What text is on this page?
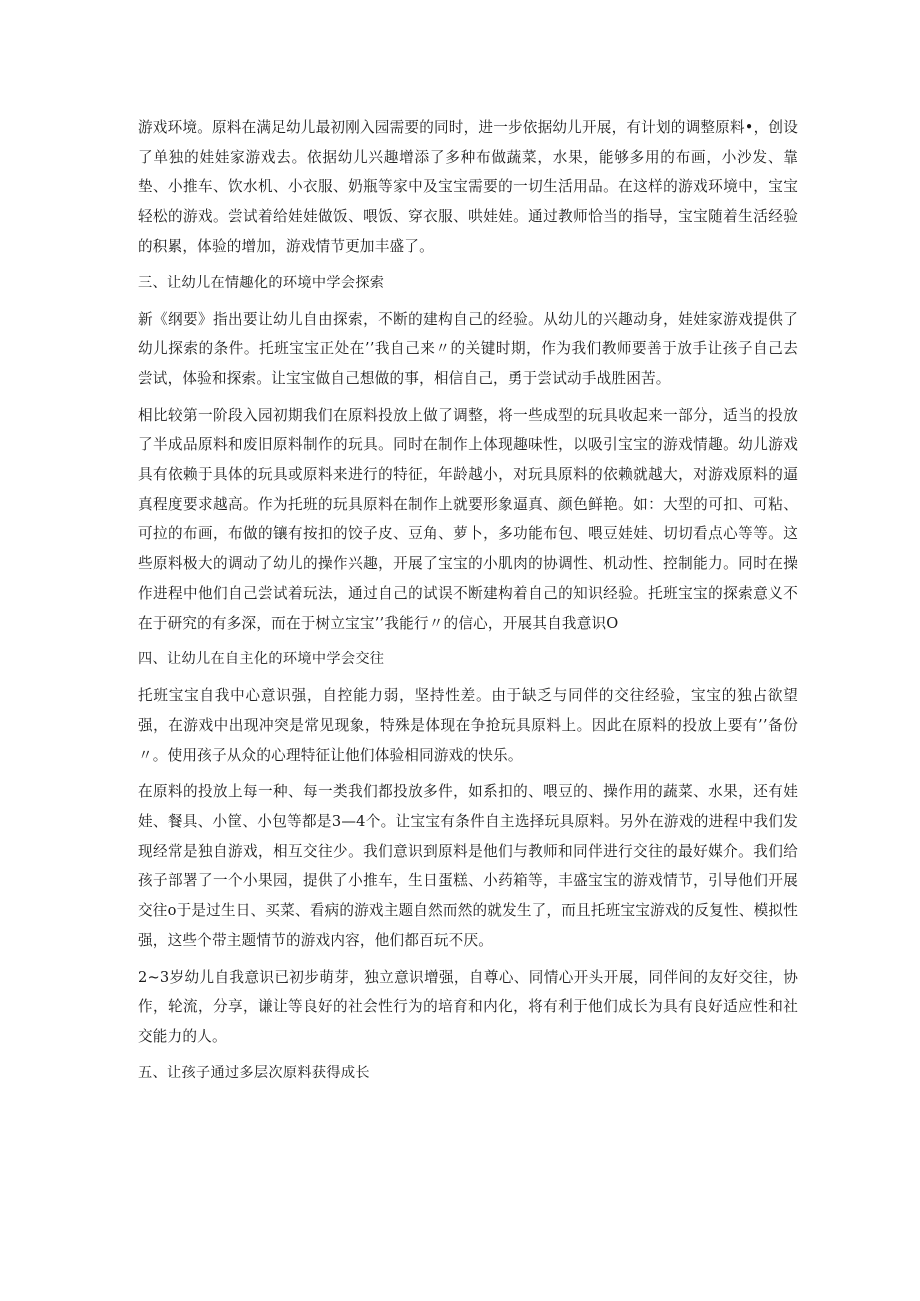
游戏环境。原料在满足幼儿最初刚入园需要的同时，进一步依据幼儿开展，有计划的调整原料•，创设了单独的娃娃家游戏去。依据幼儿兴趣增添了多种布做蔬菜，水果，能够多用的布画，小沙发、靠垫、小推车、饮水机、小衣服、奶瓶等家中及宝宝需要的一切生活用品。在这样的游戏环境中，宝宝轻松的游戏。尝试着给娃娃做饭、喂饭、穿衣服、哄娃娃。通过教师恰当的指导，宝宝随着生活经验的积累，体验的增加，游戏情节更加丰盛了。

三、让幼儿在情趣化的环境中学会探索

新《纲要》指出要让幼儿自由探索，不断的建构自己的经验。从幼儿的兴趣动身，娃娃家游戏提供了幼儿探索的条件。托班宝宝正处在’’我自己来〃的关键时期，作为我们教师要善于放手让孩子自己去尝试，体验和探索。让宝宝做自己想做的事，相信自己，勇于尝试动手战胜困苦。

相比较第一阶段入园初期我们在原料投放上做了调整，将一些成型的玩具收起来一部分，适当的投放了半成品原料和废旧原料制作的玩具。同时在制作上体现趣味性，以吸引宝宝的游戏情趣。幼儿游戏具有依赖于具体的玩具或原料来进行的特征，年龄越小，对玩具原料的依赖就越大，对游戏原料的逼真程度要求越高。作为托班的玩具原料在制作上就要形象逼真、颜色鲜艳。如：大型的可扣、可粘、可拉的布画，布做的镶有按扣的饺子皮、豆角、萝卜，多功能布包、喂豆娃娃、切切看点心等等。这些原料极大的调动了幼儿的操作兴趣，开展了宝宝的小肌肉的协调性、机动性、控制能力。同时在操作进程中他们自己尝试着玩法，通过自己的试误不断建构着自己的知识经验。托班宝宝的探索意义不在于研究的有多深，而在于树立宝宝’’我能行〃的信心，开展其自我意识O

四、让幼儿在自主化的环境中学会交往

托班宝宝自我中心意识强，自控能力弱，坚持性差。由于缺乏与同伴的交往经验，宝宝的独占欲望强，在游戏中出现冲突是常见现象，特殊是体现在争抢玩具原料上。因此在原料的投放上要有’’备份〃。使用孩子从众的心理特征让他们体验相同游戏的快乐。

在原料的投放上每一种、每一类我们都投放多件，如系扣的、喂豆的、操作用的蔬菜、水果，还有娃娃、餐具、小筐、小包等都是3—4个。让宝宝有条件自主选择玩具原料。另外在游戏的进程中我们发现经常是独自游戏，相互交往少。我们意识到原料是他们与教师和同伴进行交往的最好媒介。我们给孩子部署了一个小果园，提供了小推车，生日蛋糕、小药箱等，丰盛宝宝的游戏情节，引导他们开展交往o于是过生日、买菜、看病的游戏主题自然而然的就发生了，而且托班宝宝游戏的反复性、模拟性强，这些个带主题情节的游戏内容，他们都百玩不厌。

2~3岁幼儿自我意识已初步萌芽，独立意识增强，自尊心、同情心开头开展，同伴间的友好交往，协作，轮流，分享，谦让等良好的社会性行为的培育和内化，将有利于他们成长为具有良好适应性和社交能力的人。

五、让孩子通过多层次原料获得成长
